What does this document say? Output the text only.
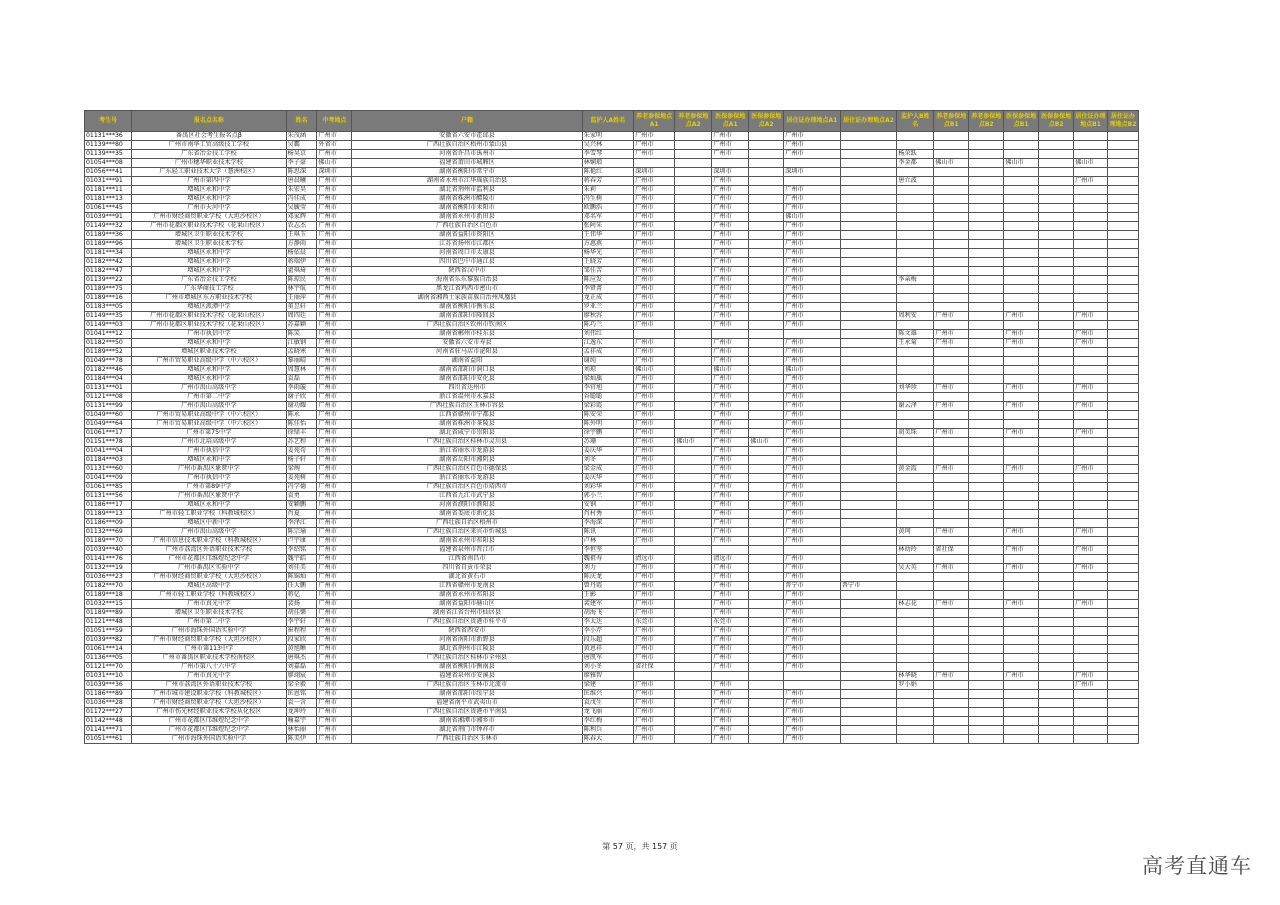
考生号	报名点名称	姓名	中考地点	户籍	监护人A姓名	养老参保地点A1	养老参保地点A2	医保参保地点A1	医保参保地点A2	居住证办理地点A1	居住证办理地点A2	监护人B姓名	养老参保地点B1	养老参保地点B2	医保参保地点B1	医保参保地点B2	居住证办理地点B1	居住证办理地点B2
01131***36	番禺区社会考生报名点β	朱茂涵	广州市	安徽省六安市霍邱县	朱家明	广州市		广州市		广州市								
01139***80	广州市南华工贸高级技工学校	吴霸	外省市	广西壮族自治区梧州市蒙山县	吴兴林	广州市		广州市		广州市								
01139***35	广东省冶金技工学校	杨昊京	广州市	河南省许昌市禹州市	李雪琴	广州市		广州市		广州市		杨荣跃						
01054***08	广州市穗华职业技术学校	李子豪	佛山市	福建省莆田市城厢区	林娴琅							李金都	佛山市		佛山市		佛山市	
01056***41	广东轻工职业技术大学（慧洲校区）	陈思深	深圳市	湖南省衡阳市常宁市	陈艳红	深圳市		深圳市		深圳市								
01031***91	广州市第四中学	唐晨曦	广州市	湖南省永州市江华瑶族自治县	蒋春芳	广州市		广州市				唐立波					广州市	
01181***11	增城区永和中学	朱宏昊	广州市	湖北省荆州市监利县	朱莉	广州市		广州市		广州市								
01181***13	增城区永和中学	冯佳成	广州市	湖南省株洲市醴陵市	冯生树	广州市		广州市		广州市								
01061***45	广州市天河中学	吴毓莹	广州市	湖南省衡阳市耒阳市	欧鹏浩	广州市		广州市		广州市								
01039***91	广州市财经商贸职业学校（大坦沙校区）	邓家辉	广州市	湖南省永州市新田县	邓名军	广州市		广州市		佛山市								
01149***32	广州市花都区职业技术学校（花果山校区）	农志杰	广州市	广西壮族自治区百色市	张阿朱	广州市		广州市		广州市								
01189***36	增城区卫生职业技术学校	王琪玉	广州市	湖南省益阳市资阳区	王伟华	广州市		广州市		广州市								
01189***96	增城区卫生职业技术学校	方静雨	广州市	江苏省扬州市江都区	方惠燕	广州市		广州市		广州市								
01181***34	增城区永和中学	杨依晨	广州市	河南省周口市太康县	杨华光	广州市		广州市		广州市								
01182***42	增城区永和中学	蒋瑞伊	广州市	四川省巴中市通江县	王晓芳	广州市		广州市		广州市								
01182***47	增城区永和中学	翟琪琦	广州市	陕西省汉中市	邹佳苦	广州市		广州市		广州市								
01139***22	广东省冶金技工学校	陈琼民	广州市	海南省乐东黎族自治县	陈应发	广州市		广州市		广州市		李亲梅						
01189***75	广东华商技工学校	林宇航	广州市	黑龙江省鸡西市密山市	李贤菁	广州市		广州市		广州市								
01189***16	广州市增城区东方职业技术学校	王丽萍	广州市	湖南省湘西土家族苗族自治州凤凰县	龙正成	广州市		广州市		广州市								
01183***05	增城区派潭中学	董昱轩	广州市	湖南省衡阳市衡东县	罗亚兰	广州市		广州市		广州市								
01149***35	广州市花都区职业技术学校（花果山校区）	周四廷	广州市	湖南省邵阳市隆回县	廖秋容	广州市		广州市		广州市		周利安	广州市		广州市		广州市	
01149***03	广州市花都区职业技术学校（花果山校区）	苏嘉颖	广州市	广西壮族自治区钦州市钦南区	陈巧兰	广州市		广州市		广州市								
01041***12	广州市执信中学	陈笑	广州市	湖南省郴州市桂东县	刘伟红							陈文雄	广州市		广州市		广州市	
01182***50	增城区永和中学	江敏钢	广州市	安徽省六安市寿县	江逸东	广州市		广州市		广州市		王永菊	广州市		广州市		广州市	
01189***52	增城区职业技术学校	孟晓寒	广州市	河南省驻马店市泌阳县	孟祥成	广州市		广州市		广州市								
01049***78	广州市贸易职业高级中学（中六校区）	黎丽晴	广州市	湖南省益阳	谢纯	广州市		广州市		广州市								
01182***46	增城区永和中学	周慧林	广州市	湖南省邵阳市洞口县	刘琼	佛山市		佛山市		佛山市								
01184***04	增城区永和中学	袁磊	广州市	湖南省邵阳市安化县	梁灿旗	广州市		广州市		广州市								
01131***01	广州市禺山高级中学	李雨璇	广州市	四川省达州市	李官旭	广州市		广州市		广州市		刘华珍	广州市		广州市		广州市	
01121***08	广州市第二中学	谢子欣	广州市	浙江省温州市永嘉县	谷聪聪	广州市		广州市		广州市								
01131***99	广州市禺山高级中学	谢功耀	广州市	广西壮族自治区玉林市容县	梁彩霞	广州市		广州市		广州市		谢云泽	广州市		广州市		广州市	
01049***60	广州市贸易职业高级中学（中六校区）	陈永	广州市	江西省赣州市宁都县	陈安荣	广州市		广州市		广州市								
01049***64	广州市贸易职业高级中学（中六校区）	陈佳怡	广州市	湖南省株洲市茶陵县	陈外明	广州市		广州市		广州市								
01061***17	广州市第75中学	徐鼎丰	广州市	湖北省咸宁市崇阳县	徐宇鹏	广州市		广州市		广州市		胡美珠	广州市		广州市		广州市	
01151***78	广州市北培高级中学	苏艺程	广州市	广西壮族自治区桂林市灵川县	苏珊	广州市	佛山市	广州市	佛山市	广州市								
01041***04	广州市执信中学	姜苑苟	广州市	浙江省丽水市龙游县	姜庆华	广州市		广州市		广州市								
01184***03	增城区永和中学	杨子轩	广州市	湖南省岳阳市湘阴县	刘冬	广州市		广州市		广州市								
01131***60	广州市番禺区象贤中学	梁琬	广州市	广西壮族自治区百色市德保县	梁金成	广州市		广州市		广州市		黄金霞	广州市		广州市		广州市	
01041***09	广州市执信中学	姜苑树	广州市	浙江省丽水市龙游县	姜庆华	广州市		广州市		广州市								
01061***85	广州市第89中学	冯学德	广州市	广西壮族自治区百色市靖西市	刘彩华	广州市		广州市		广州市								
01131***56	广州市番禺区象贤中学	袁勇	广州市	江西省九江市武宁县	郭小兰	广州市		广州市		广州市								
01186***17	增城区永和中学	安颖鹏	广州市	河南省濮阳市濮阳县	安钢	广州市		广州市		广州市								
01189***13	广州市轻工职业学校（科教城校区）	肖夏	广州市	湖南省娄底市新化县	肖村秀	广州市		广州市		广州市								
01186***09	增城区中新中学	李泽江	广州市	广西壮族自治区梧州市	李海深	广州市		广州市		广州市								
01132***69	广州市禺山高级中学	陈宗瑜	广州市	广西壮族自治区来宾市忻城县	陈讯	广州市		广州市		广州市		黄珂	广州市		广州市		广州市	
01189***70	广州市信息技术职业学校（科教城校区）	卢宇康	广州市	湖南省永州市祁阳县	卢林	广州市		广州市		广州市								
01039***40	广州市荔湾区外语职业技术学校	李绍铭	广州市	福建省泉州市晋江市	李恒坚							林幼玲	省社保		广州市		广州市	
01141***76	广州市花都区邝维煜纪念中学	魏宇皓	广州市	江西省南昌市	魏祖寿	清远市		清远市		广州市								
01132***19	广州市番禺区实验中学	刘佳美	广州市	四川省自贡市荣县	刘力	广州市		广州市		广州市		吴大英	广州市		广州市		广州市	
01036***23	广州市财经商贸职业学校（大坦沙校区）	陈锦灿	广州市	湖北省黄石市	陈庆龙	广州市		广州市		广州市								
01182***70	增城区高级中学	任大鹏	广州市	江西省赣州市龙南县	曾丹霞	广州市		广州市		普宁市	普宁市							
01189***18	广州市轻工职业学校（科教城校区）	蒋亿	广州市	湖南省永州市祁阳县	王影	广州市		广州市		广州市								
01032***15	广州市真光中学	裴扬	广州市	湖南省益阳市赫山区	裴建军	广州市		广州市		广州市		林志花	广州市		广州市		广州市	
01189***89	增城区卫生职业技术学校	胡佳樂	广州市	湖南省江省台州市仙居县	胡海飞	广州市		广州市		广州市								
01121***48	广州市第二中学	李宇轩	广州市	广西壮族自治区贵港市桂平市	李太达	东莞市		东莞市		广州市								
01051***59	广州市海珠外国语实验中学	崔程程	广州市	陕西省西安市	李小芹	广州市		广州市		广州市								
01039***82	广州市财经商贸职业学校（大坦沙校区）	段家欣	广州市	河南省南阳市新野县	段乐超	广州市		广州市		广州市								
01061***14	广州市第113中学	黄旭晰	广州市	湖北省荆州市江陵县	黄恩祥	广州市		广州市		广州市								
01136***05	广州市番禺区职业技术学校南校区	唐琪杰	广州市	广西壮族自治区桂林市全州县	唐凯军	广州市		广州市		广州市								
01121***70	广州市第八十六中学	刘嘉磊	广州市	湖南省衡阳市衡南县	刘小冬	省社保		广州市		广州市								
01031***10	广州市真光中学	廖翊宸	广州市	福建省泉州市安溪县	廖雅智							林华晓	广州市		广州市		广州市	
01039***36	广州市荔湾区外语职业技术学校	梁全毅	广州市	广西壮族自治区玉林市北流市	梁建	广州市		广州市				罗小娟					广州市	
01186***89	广州市城市建设职业学校（科教城校区）	匡恩铭	广州市	湖南省邵阳市绥宁县	匡维兴	广州市		广州市		广州市								
01036***28	广州市财经商贸职业学校（大坦沙校区）	袁一含	广州市	福建省南平市武夷山市	袁戊生	广州市		广州市		广州市								
01172***27	广州市伤光材经职业技术学校从化校区	龙坤玲	广州市	广西壮族自治区贵港市平南县	龙飞丽	广州市		广州市		广州市								
01142***48	广州市花都区邝维煜纪念中学	喻嘉宇	广州市	湖南省湘潭市湘乡市	李红梅	广州市		广州市		广州市								
01141***71	广州市花都区邝维煜纪念中学	林怡丽	广州市	湖北省荆门市钟祥市	陈利兵	广州市		广州市		广州市								
01051***61	广州市海珠外国语实验中学	陈美伊	广州市	广西壮族自治区玉林市	陈春大	广州市		广州市		广州市								
第 57 页，共 157 页
高考直通车
